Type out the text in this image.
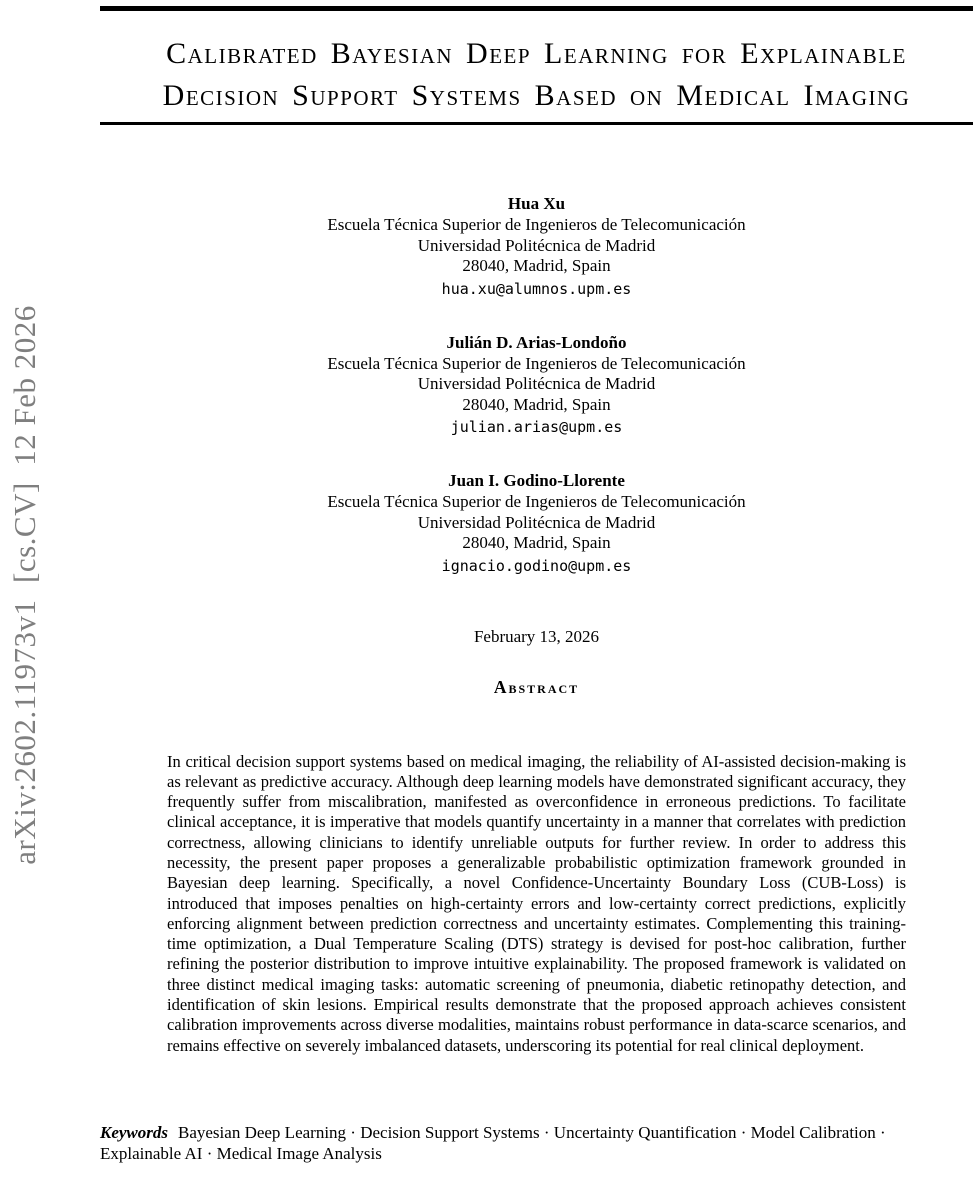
arXiv:2602.11973v1  [cs.CV]  12 Feb 2026
Calibrated Bayesian Deep Learning for Explainable
Decision Support Systems Based on Medical Imaging
Hua Xu
Escuela Técnica Superior de Ingenieros de Telecomunicación
Universidad Politécnica de Madrid
28040, Madrid, Spain
hua.xu@alumnos.upm.es
Julián D. Arias-Londoño
Escuela Técnica Superior de Ingenieros de Telecomunicación
Universidad Politécnica de Madrid
28040, Madrid, Spain
julian.arias@upm.es
Juan I. Godino-Llorente
Escuela Técnica Superior de Ingenieros de Telecomunicación
Universidad Politécnica de Madrid
28040, Madrid, Spain
ignacio.godino@upm.es
February 13, 2026
Abstract

In critical decision support systems based on medical imaging, the reliability of AI-assisted decision-making is as relevant as predictive accuracy. Although deep learning models have demonstrated significant accuracy, they frequently suffer from miscalibration, manifested as overconfidence in erroneous predictions. To facilitate clinical acceptance, it is imperative that models quantify uncertainty in a manner that correlates with prediction correctness, allowing clinicians to identify unreliable outputs for further review. In order to address this necessity, the present paper proposes a generalizable probabilistic optimization framework grounded in Bayesian deep learning. Specifically, a novel Confidence-Uncertainty Boundary Loss (CUB-Loss) is introduced that imposes penalties on high-certainty errors and low-certainty correct predictions, explicitly enforcing alignment between prediction correctness and uncertainty estimates. Complementing this training-time optimization, a Dual Temperature Scaling (DTS) strategy is devised for post-hoc calibration, further refining the posterior distribution to improve intuitive explainability. The proposed framework is validated on three distinct medical imaging tasks: automatic screening of pneumonia, diabetic retinopathy detection, and identification of skin lesions. Empirical results demonstrate that the proposed approach achieves consistent calibration improvements across diverse modalities, maintains robust performance in data-scarce scenarios, and remains effective on severely imbalanced datasets, underscoring its potential for real clinical deployment.

Keywords Bayesian Deep Learning · Decision Support Systems · Uncertainty Quantification · Model Calibration · Explainable AI · Medical Image Analysis
